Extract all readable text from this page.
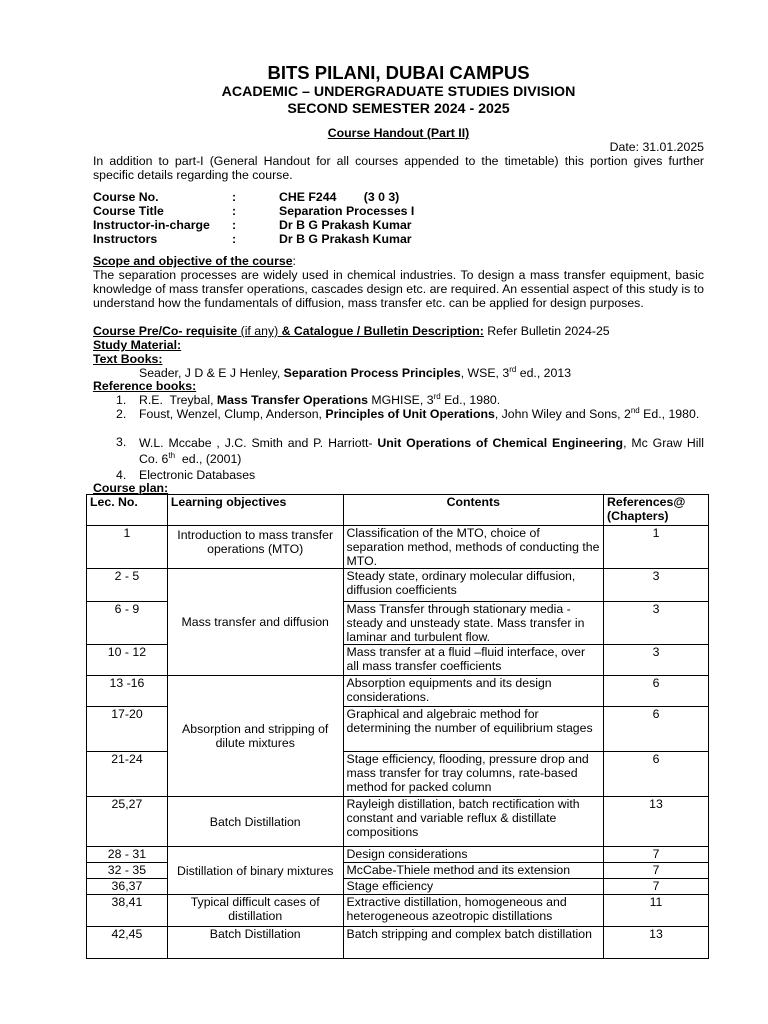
BITS PILANI, DUBAI CAMPUS
ACADEMIC – UNDERGRADUATE STUDIES DIVISION
SECOND SEMESTER 2024 - 2025
Course Handout (Part II)
Date: 31.01.2025
In addition to part-I (General Handout for all courses appended to the timetable) this portion gives further specific details regarding the course.
Course No.	:	CHE F244        (3 0 3)
Course Title	:	Separation Processes I
Instructor-in-charge :	Dr B G Prakash Kumar
Instructors	:	Dr B G Prakash Kumar
Scope and objective of the course:
The separation processes are widely used in chemical industries. To design a mass transfer equipment, basic knowledge of mass transfer operations, cascades design etc. are required. An essential aspect of this study is to understand how the fundamentals of diffusion, mass transfer etc. can be applied for design purposes.
Course Pre/Co- requisite (if any) & Catalogue / Bulletin Description: Refer Bulletin 2024-25
Study Material:
Text Books:
Seader, J D & E J Henley, Separation Process Principles, WSE, 3rd ed., 2013
Reference books:
1. R.E.  Treybal, Mass Transfer Operations MGHISE, 3rd Ed., 1980.
2. Foust, Wenzel, Clump, Anderson, Principles of Unit Operations, John Wiley and Sons, 2nd Ed., 1980.
3. W.L. Mccabe , J.C. Smith and P. Harriott- Unit Operations of Chemical Engineering, Mc Graw Hill Co. 6th  ed., (2001)
4. Electronic Databases
Course plan:
Lec. No.	Learning objectives	Contents	References@ (Chapters)
1	Introduction to mass transfer operations (MTO)	Classification of the MTO, choice of separation method, methods of conducting the MTO.	1
2 - 5	Mass transfer and diffusion	Steady state, ordinary molecular diffusion, diffusion coefficients	3
6 - 9		Mass Transfer through stationary media - steady and unsteady state. Mass transfer in laminar and turbulent flow.	3
10 - 12		Mass transfer at a fluid –fluid interface, over all mass transfer coefficients	3
13 -16	Absorption and stripping of dilute mixtures	Absorption equipments and its design considerations.	6
17-20		Graphical and algebraic method for determining the number of equilibrium stages	6
21-24		Stage efficiency, flooding, pressure drop and mass transfer for tray columns, rate-based method for packed column	6
25,27	Batch Distillation	Rayleigh distillation, batch rectification with constant and variable reflux & distillate compositions	13
28 - 31	Distillation of binary mixtures	Design considerations	7
32 - 35		McCabe-Thiele method and its extension	7
36,37		Stage efficiency	7
38,41	Typical difficult cases of distillation	Extractive distillation, homogeneous and heterogeneous azeotropic distillations	11
42,45	Batch Distillation	Batch stripping and complex batch distillation	13
